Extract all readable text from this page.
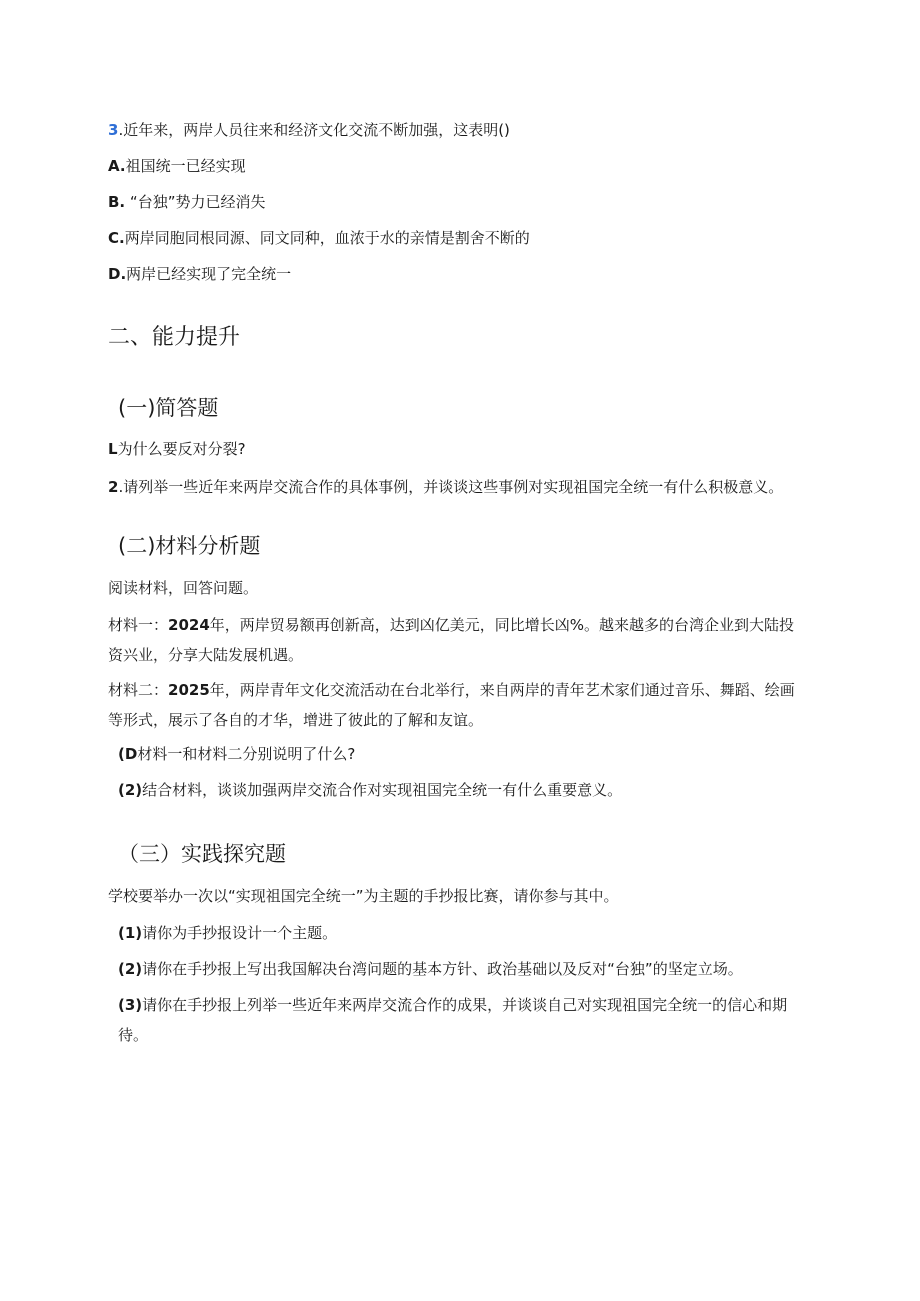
3.近年来，两岸人员往来和经济文化交流不断加强，这表明()
A.祖国统一已经实现
B. “台独”势力已经消失
C.两岸同胞同根同源、同文同种，血浓于水的亲情是割舍不断的
D.两岸已经实现了完全统一
二、能力提升
(一)简答题
L为什么要反对分裂?
2.请列举一些近年来两岸交流合作的具体事例，并谈谈这些事例对实现祖国完全统一有什么积极意义。
(二)材料分析题
阅读材料，回答问题。
材料一：2024年，两岸贸易额再创新高，达到凶亿美元，同比增长凶%。越来越多的台湾企业到大陆投资兴业，分享大陆发展机遇。
材料二：2025年，两岸青年文化交流活动在台北举行，来自两岸的青年艺术家们通过音乐、舞蹈、绘画等形式，展示了各自的才华，增进了彼此的了解和友谊。
(D材料一和材料二分别说明了什么?
(2)结合材料，谈谈加强两岸交流合作对实现祖国完全统一有什么重要意义。
（三）实践探究题
学校要举办一次以“实现祖国完全统一”为主题的手抄报比赛，请你参与其中。
(1)请你为手抄报设计一个主题。
(2)请你在手抄报上写出我国解决台湾问题的基本方针、政治基础以及反对“台独”的坚定立场。
(3)请你在手抄报上列举一些近年来两岸交流合作的成果，并谈谈自己对实现祖国完全统一的信心和期待。
